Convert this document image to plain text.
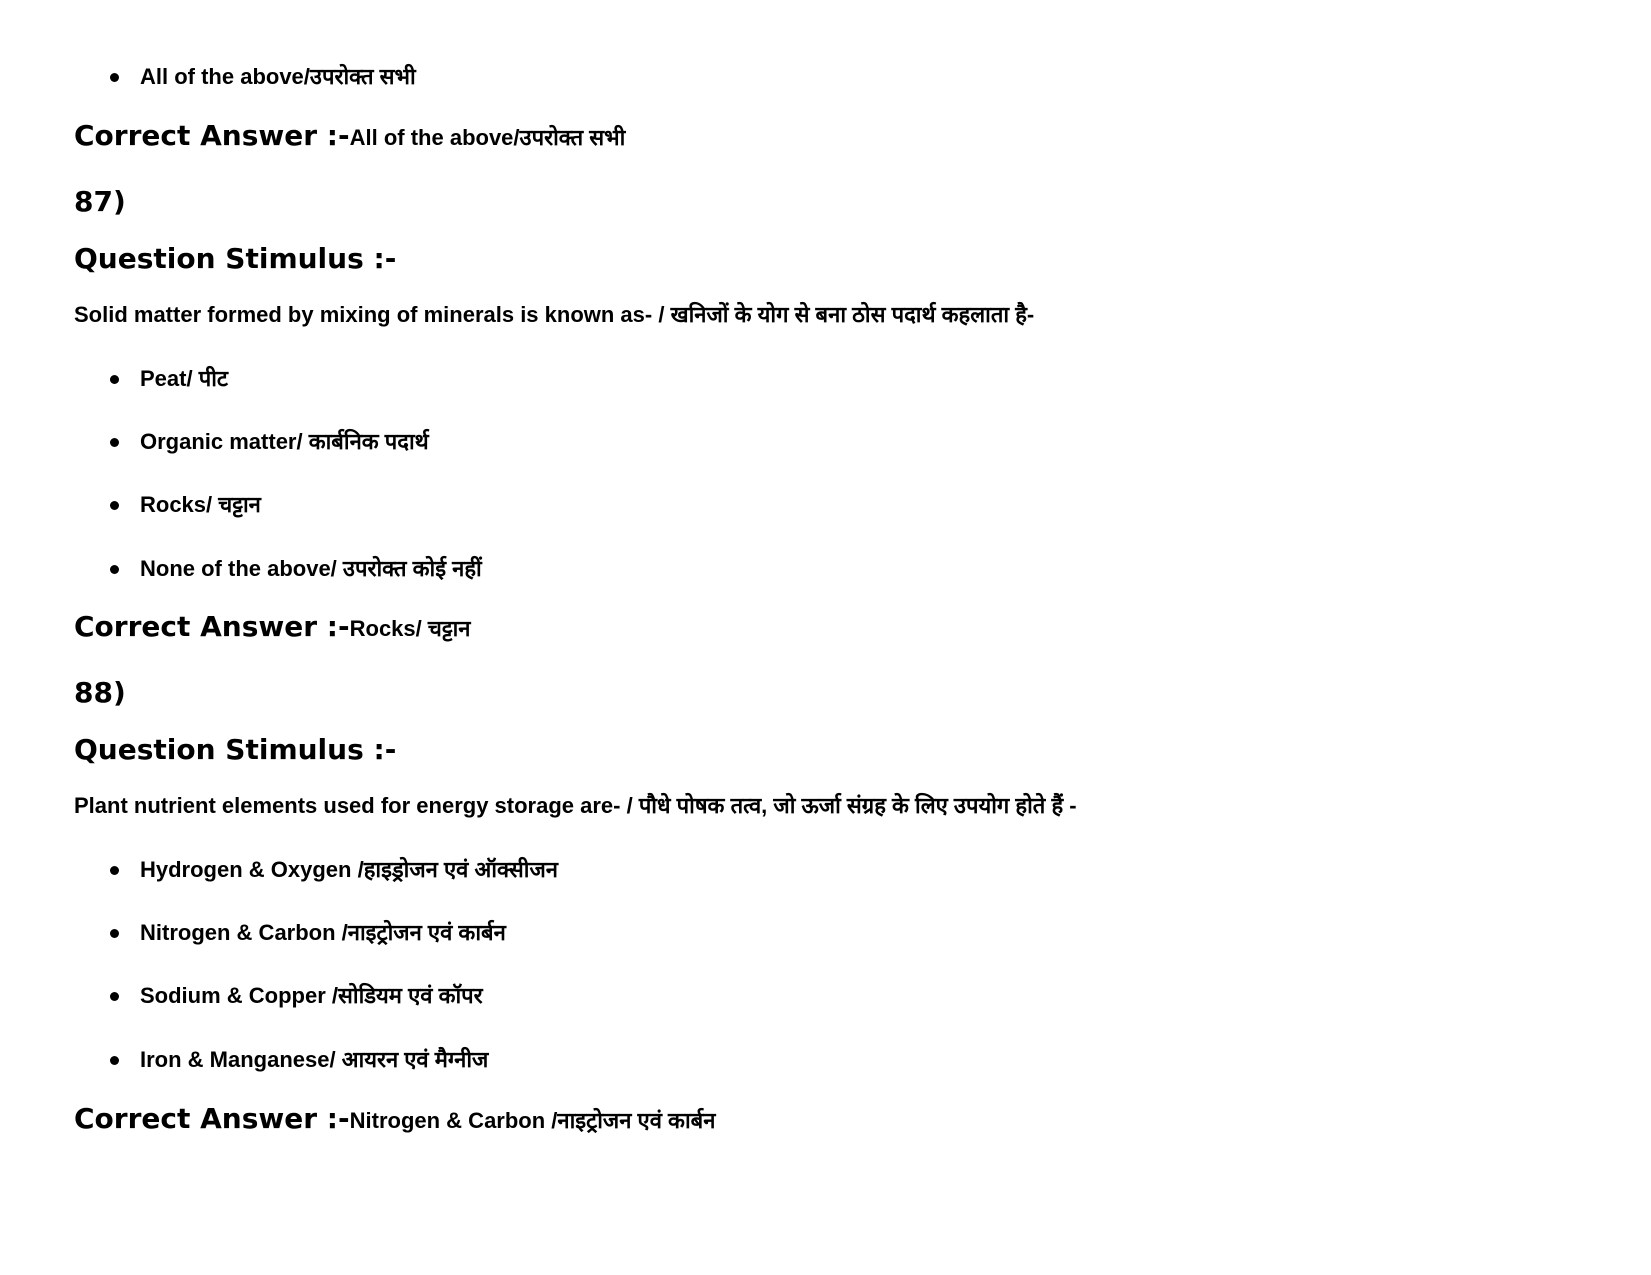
All of the above/उपरोक्त सभी
Correct Answer :-All of the above/उपरोक्त सभी
87)
Question Stimulus :-
Solid matter formed by mixing of minerals is known as- / खनिजों के योग से बना ठोस पदार्थ कहलाता है-
Peat/ पीट
Organic matter/ कार्बनिक पदार्थ
Rocks/ चट्टान
None of the above/ उपरोक्त कोई नहीं
Correct Answer :-Rocks/ चट्टान
88)
Question Stimulus :-
Plant nutrient elements used for energy storage are- / पौधे पोषक तत्व, जो ऊर्जा संग्रह के लिए उपयोग होते हैं -
Hydrogen & Oxygen /हाइड्रोजन एवं ऑक्सीजन
Nitrogen & Carbon /नाइट्रोजन एवं कार्बन
Sodium & Copper /सोडियम एवं कॉपर
Iron & Manganese/ आयरन एवं मैग्नीज
Correct Answer :-Nitrogen & Carbon /नाइट्रोजन एवं कार्बन
